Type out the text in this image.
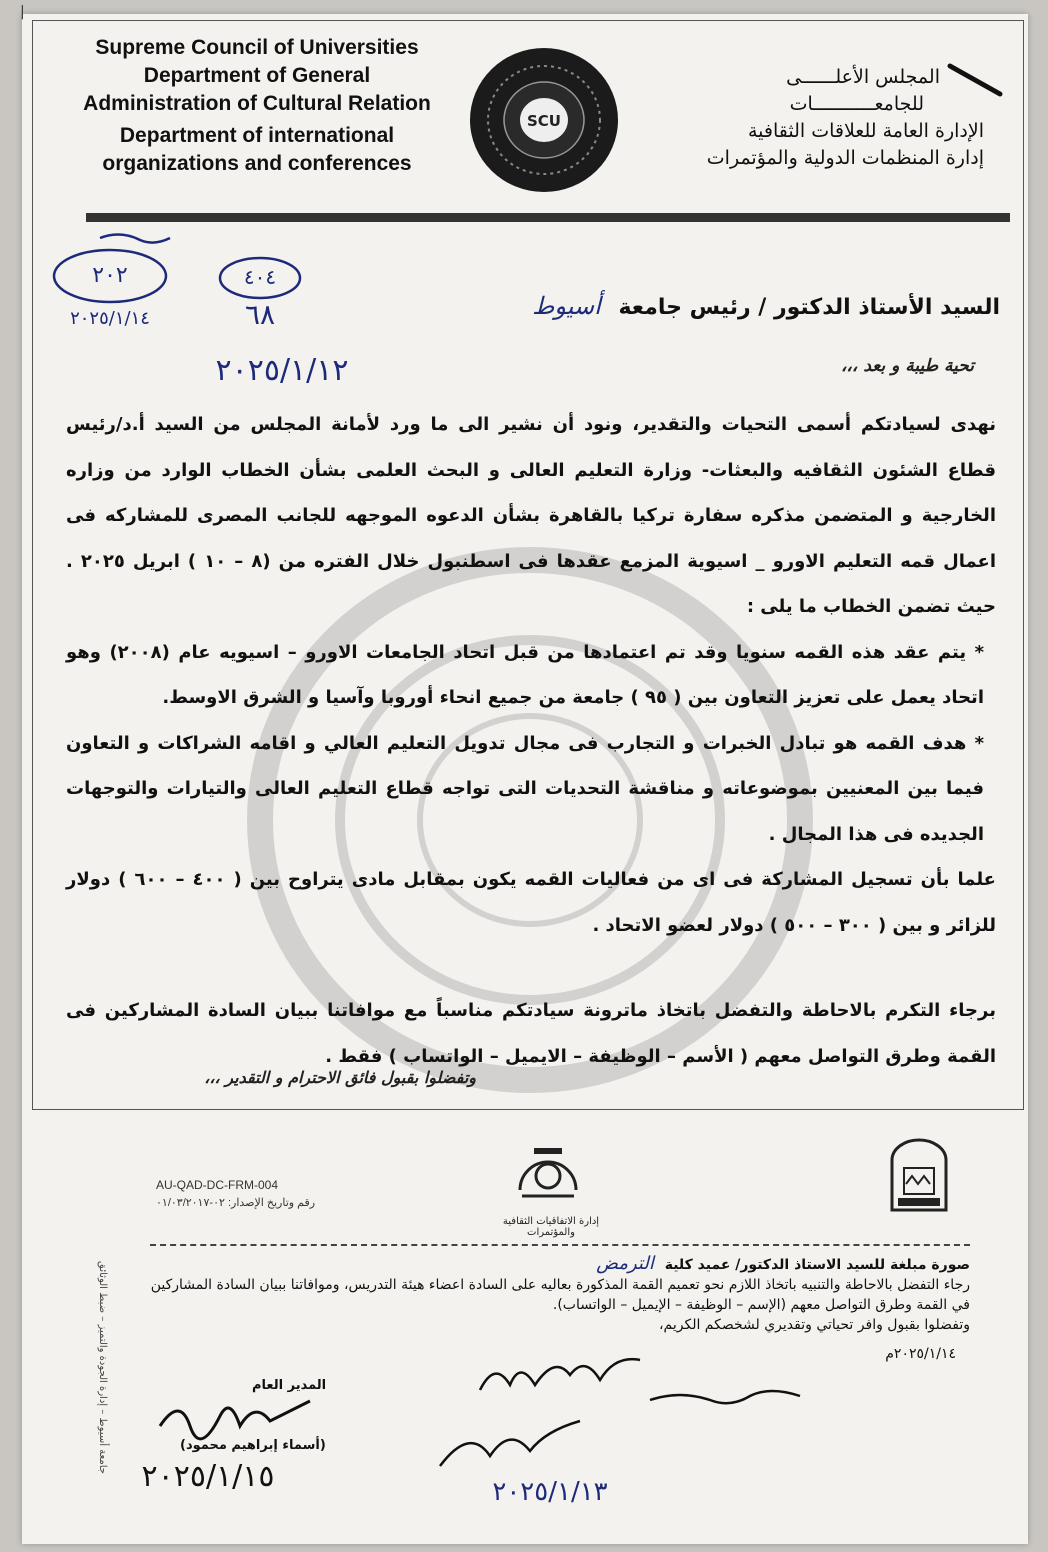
|
Supreme Council of Universities
Department of General
Administration of Cultural Relation
Department of international
organizations and conferences
SCU
المجلس الأعلــــــى
للجامعـــــــــــات
الإدارة العامة للعلاقات الثقافية
إدارة المنظمات الدولية والمؤتمرات
٢٠٢
٢٠٢٥/١/١٤
٤٠٤
٦٨
٢٠٢٥/١/١٢
السيد الأستاذ الدكتور / رئيس جامعة أسيوط
تحية طيبة و بعد ،،،

نهدى لسيادتكم أسمى التحيات والتقدير، ونود أن نشير الى ما ورد لأمانة المجلس من السيد أ.د/رئيس قطاع الشئون الثقافيه والبعثات- وزارة التعليم العالى و البحث العلمى بشأن الخطاب الوارد من وزاره الخارجية و المتضمن مذكره سفارة تركيا بالقاهرة بشأن الدعوه الموجهه للجانب المصرى للمشاركه فى اعمال قمه التعليم الاورو _ اسيوية المزمع عقدها فى اسطنبول خلال الفتره من (٨ – ١٠ ) ابريل ٢٠٢٥ . حيث تضمن الخطاب ما يلى :

* يتم عقد هذه القمه سنويا وقد تم اعتمادها من قبل اتحاد الجامعات الاورو – اسيويه عام (٢٠٠٨) وهو اتحاد يعمل على تعزيز التعاون بين ( ٩٥ ) جامعة من جميع انحاء أوروبا وآسيا و الشرق الاوسط.

* هدف القمه هو تبادل الخبرات و التجارب فى مجال تدويل التعليم العالي و اقامه الشراكات و التعاون فيما بين المعنيين بموضوعاته و مناقشة التحديات التى تواجه قطاع التعليم العالى والتيارات والتوجهات الجديده فى هذا المجال .

علما بأن تسجيل المشاركة فى اى من فعاليات القمه يكون بمقابل مادى يتراوح بين ( ٤٠٠ – ٦٠٠ ) دولار للزائر و بين ( ٣٠٠ – ٥٠٠ ) دولار لعضو الاتحاد .

برجاء التكرم بالاحاطة والتفضل باتخاذ ماترونة سيادتكم مناسباً مع موافاتنا ببيان السادة المشاركين فى القمة وطرق التواصل معهم ( الأسم – الوظيفة – الايميل – الواتساب ) فقط .

وتفضلوا بقبول فائق الاحترام و التقدير ،،،
AU-QAD-DC-FRM-004
رقم وتاريخ الإصدار: ٠٢-٠١/٠٣/٢٠١٧
إدارة الاتفاقيات الثقافية والمؤتمرات
صورة مبلغة للسيد الاستاذ الدكتور/ عميد كلية الترمض
رجاء التفضل بالاحاطة والتنبيه باتخاذ اللازم نحو تعميم القمة المذكورة بعاليه على السادة اعضاء هيئة التدريس، وموافاتنا ببيان السادة المشاركين في القمة وطرق التواصل معهم (الإسم – الوظيفة – الإيميل – الواتساب).
وتفضلوا بقبول وافر تحياتي وتقديري لشخصكم الكريم،
٢٠٢٥/١/١٤م
المدير العام
(أسماء إبراهيم محمود)
جامعة أسيوط – إدارة الجودة والتميز – ضبط الوثائق
٢٠٢٥/١/١٥	٢٠٢٥/١/١٣
